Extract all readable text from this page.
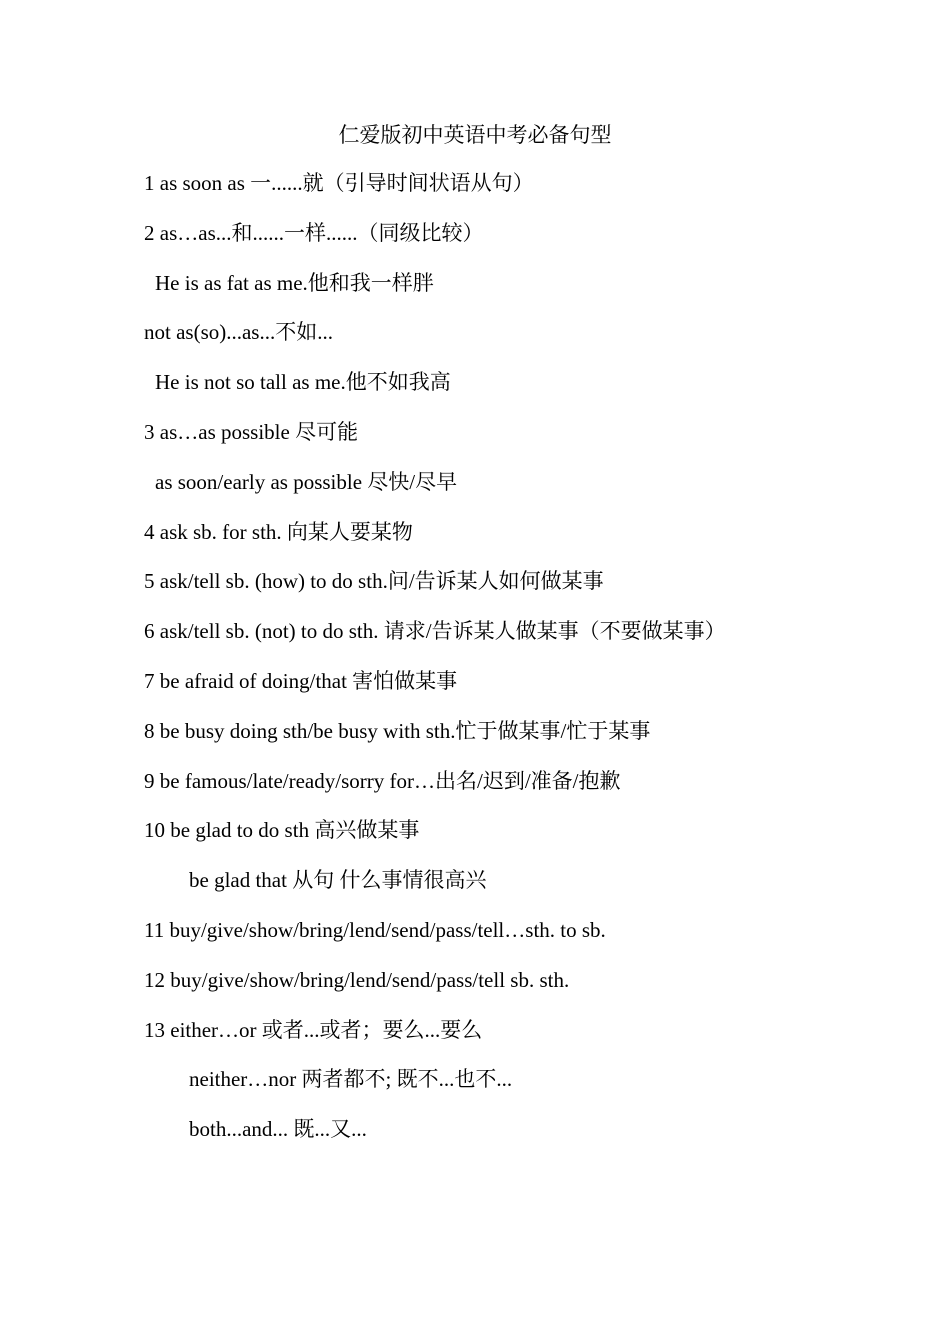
仁爱版初中英语中考必备句型
1 as soon as 一......就（引导时间状语从句）
2 as…as...和......一样......（同级比较）
He is as fat as me.他和我一样胖
not as(so)...as...不如...
He is not so tall as me.他不如我高
3 as…as possible 尽可能
as soon/early as possible 尽快/尽早
4 ask sb. for sth. 向某人要某物
5 ask/tell sb. (how) to do sth.问/告诉某人如何做某事
6 ask/tell sb. (not) to do sth. 请求/告诉某人做某事（不要做某事）
7 be afraid of doing/that 害怕做某事
8 be busy doing sth/be busy with sth.忙于做某事/忙于某事
9 be famous/late/ready/sorry for…出名/迟到/准备/抱歉
10 be glad to do sth 高兴做某事
be glad that 从句 什么事情很高兴
11 buy/give/show/bring/lend/send/pass/tell…sth. to sb.
12 buy/give/show/bring/lend/send/pass/tell sb. sth.
13 either…or 或者...或者；要么...要么
neither…nor 两者都不; 既不...也不...
both...and... 既...又...
